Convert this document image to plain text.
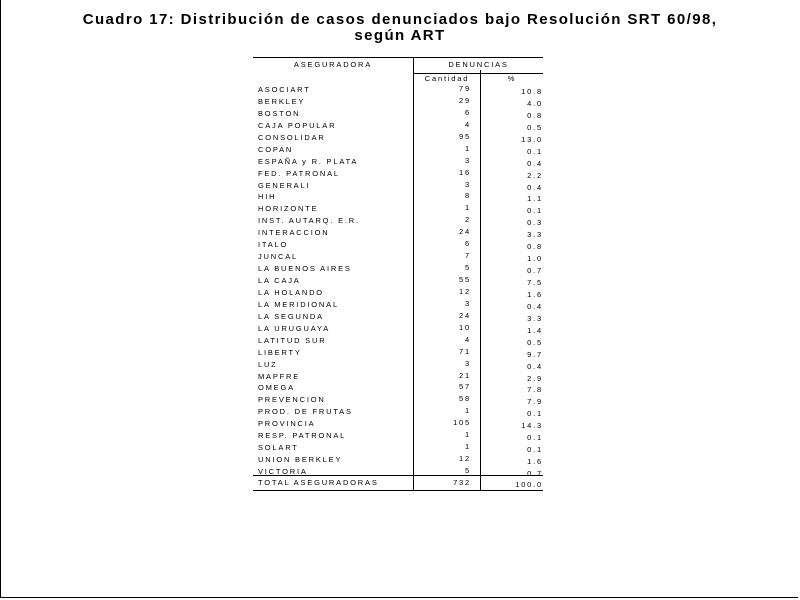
Cuadro 17: Distribución de casos denunciados bajo Resolución SRT 60/98,
según ART
ASEGURADORA	DENUNCIAS
Cantidad	%
ASOCIART	79	10.8
BERKLEY	29	4.0
BOSTON	6	0.8
CAJA POPULAR	4	0.5
CONSOLIDAR	95	13.0
COPAN	1	0.1
ESPAÑA y R. PLATA	3	0.4
FED. PATRONAL	16	2.2
GENERALI	3	0.4
HIH	8	1.1
HORIZONTE	1	0.1
INST. AUTARQ. E.R.	2	0.3
INTERACCION	24	3.3
ITALO	6	0.8
JUNCAL	7	1.0
LA BUENOS AIRES	5	0.7
LA CAJA	55	7.5
LA HOLANDO	12	1.6
LA MERIDIONAL	3	0.4
LA SEGUNDA	24	3.3
LA URUGUAYA	10	1.4
LATITUD SUR	4	0.5
LIBERTY	71	9.7
LUZ	3	0.4
MAPFRE	21	2.9
OMEGA	57	7.8
PREVENCION	58	7.9
PROD. DE FRUTAS	1	0.1
PROVINCIA	105	14.3
RESP. PATRONAL	1	0.1
SOLART	1	0.1
UNION BERKLEY	12	1.6
VICTORIA	5	0.7
TOTAL ASEGURADORAS	732	100.0
